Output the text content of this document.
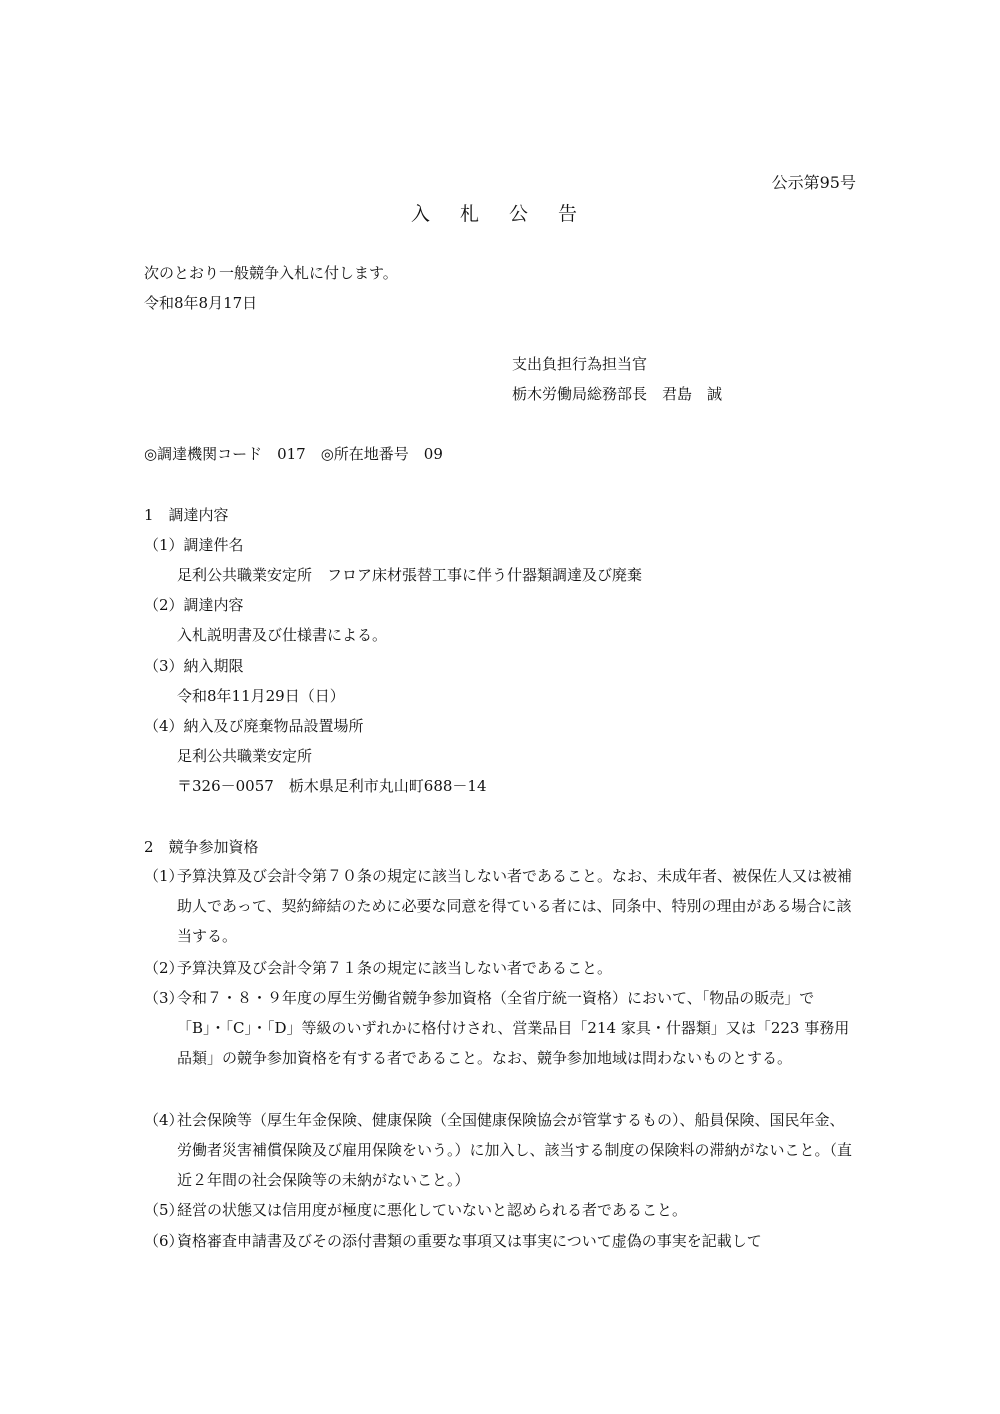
公示第95号
入 札 公 告
次のとおり一般競争入札に付します。
令和8年8月17日
支出負担行為担当官
栃木労働局総務部長　君島　誠
◎調達機関コード　017　◎所在地番号　09
1　調達内容
（1）調達件名
足利公共職業安定所　フロア床材張替工事に伴う什器類調達及び廃棄
（2）調達内容
入札説明書及び仕様書による。
（3）納入期限
令和8年11月29日（日）
（4）納入及び廃棄物品設置場所
足利公共職業安定所
〒326－0057　栃木県足利市丸山町688－14
2　競争参加資格
（1）
予算決算及び会計令第７０条の規定に該当しない者であること。なお、未成年者、被保佐人又は被補助人であって、契約締結のために必要な同意を得ている者には、同条中、特別の理由がある場合に該当する。
（2）
予算決算及び会計令第７１条の規定に該当しない者であること。
（3）
令和７・８・９年度の厚生労働省競争参加資格（全省庁統一資格）において、「物品の販売」で「B」・「C」・「D」等級のいずれかに格付けされ、営業品目「214 家具・什器類」又は「223 事務用品類」の競争参加資格を有する者であること。なお、競争参加地域は問わないものとする。
（4）
社会保険等（厚生年金保険、健康保険（全国健康保険協会が管掌するもの）、船員保険、国民年金、労働者災害補償保険及び雇用保険をいう。）に加入し、該当する制度の保険料の滞納がないこと。（直近２年間の社会保険等の未納がないこと。）
（5）
経営の状態又は信用度が極度に悪化していないと認められる者であること。
（6）
資格審査申請書及びその添付書類の重要な事項又は事実について虚偽の事実を記載して
